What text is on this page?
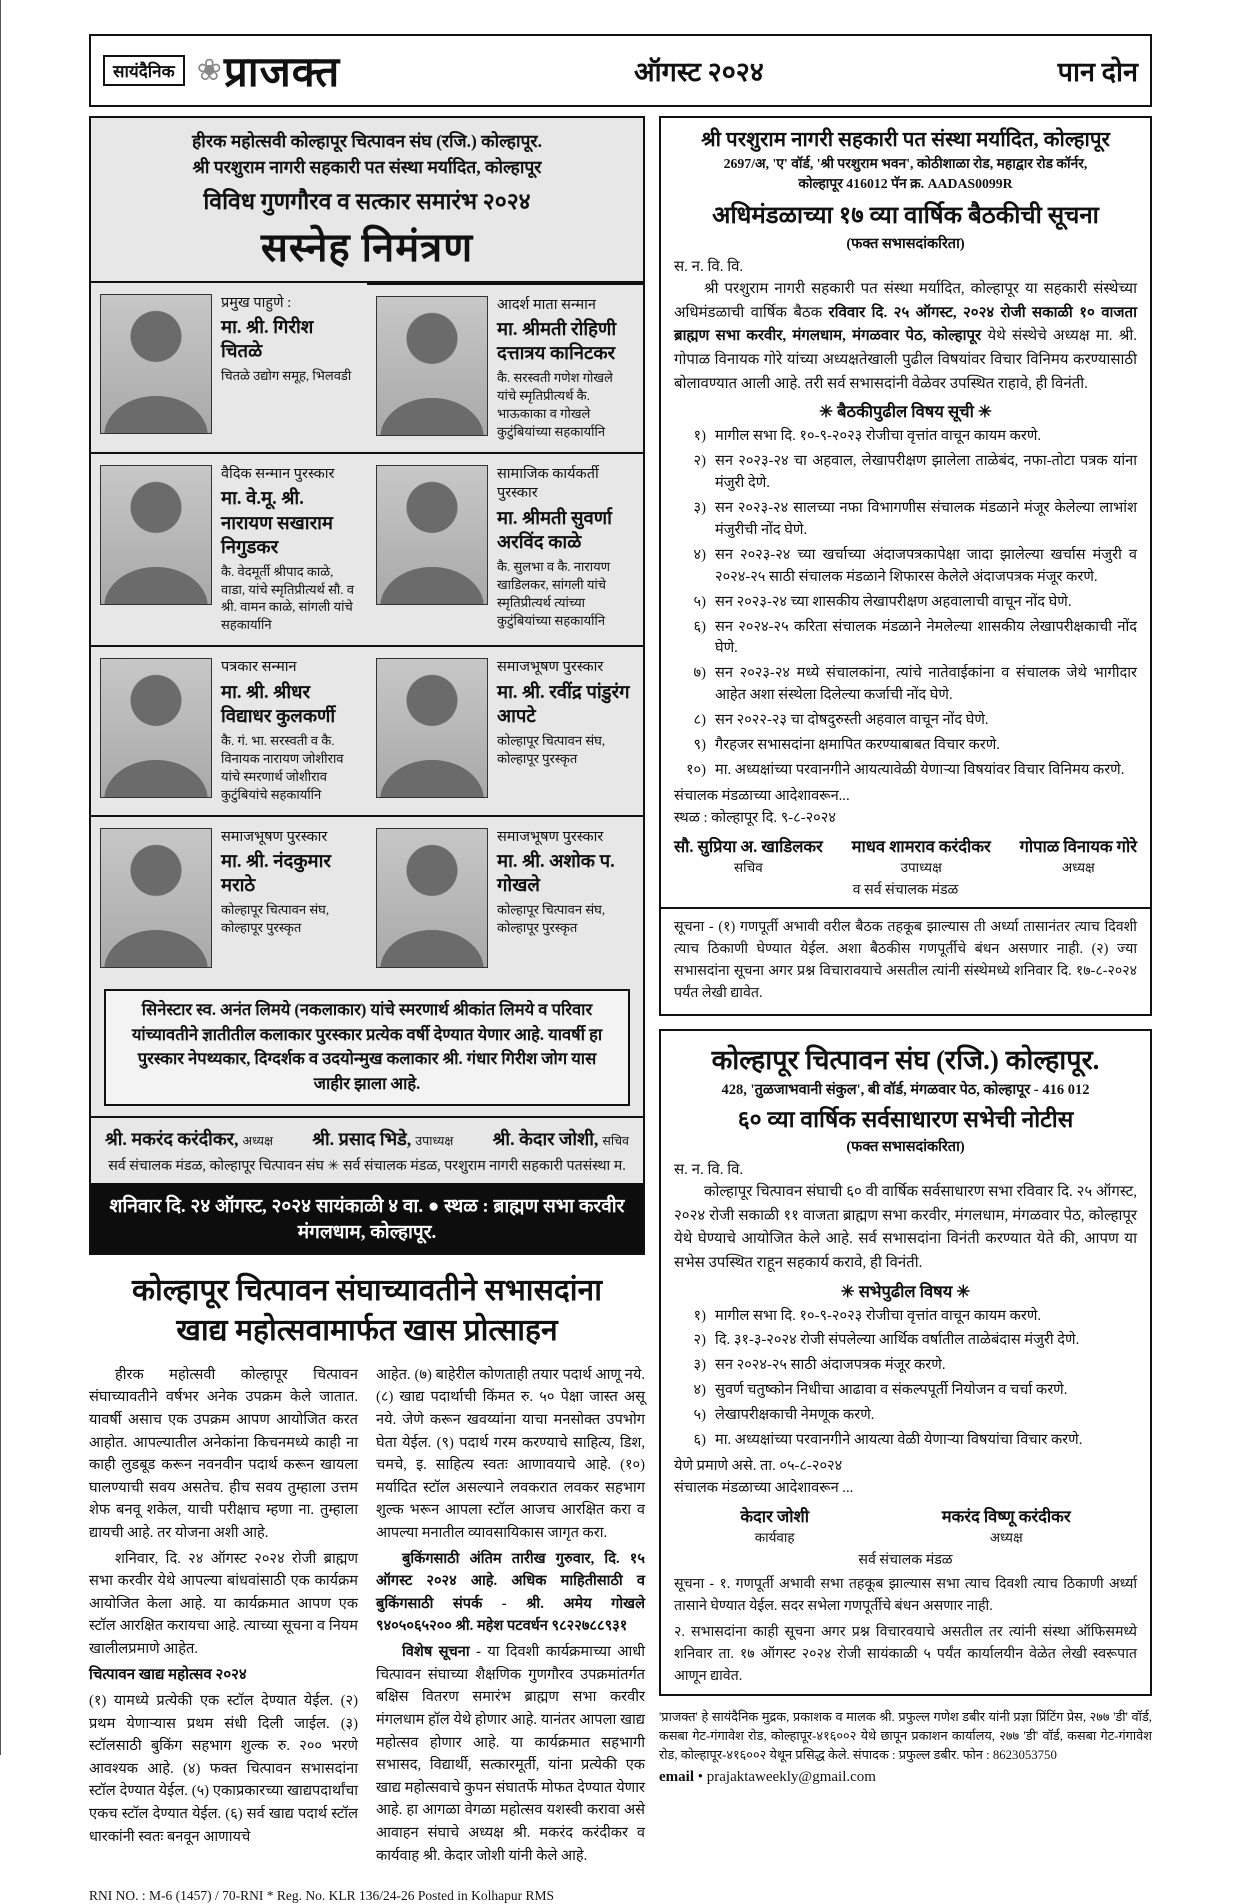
सायंदैनिक ❀ प्राजक्त	ऑगस्ट २०२४	पान दोन
हीरक महोत्सवी कोल्हापूर चित्पावन संघ (रजि.) कोल्हापूर.
श्री परशुराम नागरी सहकारी पत संस्था मर्यादित, कोल्हापूर
विविध गुणगौरव व सत्कार समारंभ २०२४
सस्नेह निमंत्रण
प्रमुख पाहुणे :
मा. श्री. गिरीश चितळे
चितळे उद्योग समूह, भिलवडी
आदर्श माता सन्मान
मा. श्रीमती रोहिणी दत्तात्रय कानिटकर
कै. सरस्वती गणेश गोखले यांचे स्मृतिप्रीत्यर्थ कै. भाऊकाका व गोखले कुटुंबियांच्या सहकार्यानि
वैदिक सन्मान पुरस्कार
मा. वे.मू. श्री. नारायण सखाराम निगुडकर
कै. वेदमूर्ती श्रीपाद काळे, वाडा, यांचे स्मृतिप्रीत्यर्थ सौ. व श्री. वामन काळे, सांगली यांचे सहकार्यानि
सामाजिक कार्यकर्ती पुरस्कार
मा. श्रीमती सुवर्णा अरविंद काळे
कै. सुलभा व कै. नारायण खाडिलकर, सांगली यांचे स्मृतिप्रीत्यर्थ त्यांच्या कुटुंबियांच्या सहकार्यानि
पत्रकार सन्मान
मा. श्री. श्रीधर विद्याधर कुलकर्णी
कै. गं. भा. सरस्वती व कै. विनायक नारायण जोशीराव यांचे स्मरणार्थ जोशीराव कुटुंबियांचे सहकार्यानि
समाजभूषण पुरस्कार
मा. श्री. रवींद्र पांडुरंग आपटे
कोल्हापूर चित्पावन संघ, कोल्हापूर पुरस्कृत
समाजभूषण पुरस्कार
मा. श्री. नंदकुमार मराठे
कोल्हापूर चित्पावन संघ, कोल्हापूर पुरस्कृत
समाजभूषण पुरस्कार
मा. श्री. अशोक प. गोखले
कोल्हापूर चित्पावन संघ, कोल्हापूर पुरस्कृत
सिनेस्टार स्व. अनंत लिमये (नकलाकार) यांचे स्मरणार्थ श्रीकांत लिमये व परिवार यांच्यावतीने ज्ञातीतील कलाकार पुरस्कार प्रत्येक वर्षी देण्यात येणार आहे. यावर्षी हा पुरस्कार नेपथ्यकार, दिग्दर्शक व उदयोन्मुख कलाकार श्री. गंधार गिरीश जोग यास जाहीर झाला आहे.
श्री. मकरंद करंदीकर, अध्यक्ष श्री. प्रसाद भिडे, उपाध्यक्ष श्री. केदार जोशी, सचिव
सर्व संचालक मंडळ, कोल्हापूर चित्पावन संघ ✳ सर्व संचालक मंडळ, परशुराम नागरी सहकारी पतसंस्था म.
शनिवार दि. २४ ऑगस्ट, २०२४ सायंकाळी ४ वा. ● स्थळ : ब्राह्मण सभा करवीर मंगलधाम, कोल्हापूर.
कोल्हापूर चित्पावन संघाच्यावतीने सभासदांना
खाद्य महोत्सवामार्फत खास प्रोत्साहन

हीरक महोत्सवी कोल्हापूर चित्पावन संघाच्यावतीने वर्षभर अनेक उपक्रम केले जातात. यावर्षी असाच एक उपक्रम आपण आयोजित करत आहोत. आपल्यातील अनेकांना किचनमध्ये काही ना काही लुडबूड करून नवनवीन पदार्थ करून खायला घालण्याची सवय असतेच. हीच सवय तुम्हाला उत्तम शेफ बनवू शकेल, याची परीक्षाच म्हणा ना. तुम्हाला द्यायची आहे. तर योजना अशी आहे.

शनिवार, दि. २४ ऑगस्ट २०२४ रोजी ब्राह्मण सभा करवीर येथे आपल्या बांधवांसाठी एक कार्यक्रम आयोजित केला आहे. या कार्यक्रमात आपण एक स्टॉल आरक्षित करायचा आहे. त्याच्या सूचना व नियम खालीलप्रमाणे आहेत.

चित्पावन खाद्य महोत्सव २०२४

(१) यामध्ये प्रत्येकी एक स्टॉल देण्यात येईल. (२) प्रथम येणाऱ्यास प्रथम संधी दिली जाईल. (३) स्टॉलसाठी बुकिंग सहभाग शुल्क रु. २०० भरणे आवश्यक आहे. (४) फक्त चित्पावन सभासदांना स्टॉल देण्यात येईल. (५) एकाप्रकारच्या खाद्यपदार्थांचा एकच स्टॉल देण्यात येईल. (६) सर्व खाद्य पदार्थ स्टॉल धारकांनी स्वतः बनवून आणायचे

आहेत. (७) बाहेरील कोणताही तयार पदार्थ आणू नये. (८) खाद्य पदार्थाची किंमत रु. ५० पेक्षा जास्त असू नये. जेणे करून खवय्यांना याचा मनसोक्त उपभोग घेता येईल. (९) पदार्थ गरम करण्याचे साहित्य, डिश, चमचे, इ. साहित्य स्वतः आणावयाचे आहे. (१०) मर्यादित स्टॉल असल्याने लवकरात लवकर सहभाग शुल्क भरून आपला स्टॉल आजच आरक्षित करा व आपल्या मनातील व्यावसायिकास जागृत करा.

बुकिंगसाठी अंतिम तारीख गुरुवार, दि. १५ ऑगस्ट २०२४ आहे. अधिक माहितीसाठी व बुकिंगसाठी संपर्क - श्री. अमेय गोखले ९४०५०६५२०० श्री. महेश पटवर्धन ९८२२७८८९३१

विशेष सूचना - या दिवशी कार्यक्रमाच्या आधी चित्पावन संघाच्या शैक्षणिक गुणगौरव उपक्रमांतर्गत बक्षिस वितरण समारंभ ब्राह्मण सभा करवीर मंगलधाम हॉल येथे होणार आहे. यानंतर आपला खाद्य महोत्सव होणार आहे. या कार्यक्रमात सहभागी सभासद, विद्यार्थी, सत्कारमूर्ती, यांना प्रत्येकी एक खाद्य महोत्सवाचे कुपन संघातर्फे मोफत देण्यात येणार आहे. हा आगळा वेगळा महोत्सव यशस्वी करावा असे आवाहन संघाचे अध्यक्ष श्री. मकरंद करंदीकर व कार्यवाह श्री. केदार जोशी यांनी केले आहे.

RNI NO. : M-6 (1457) / 70-RNI * Reg. No. KLR 136/24-26 Posted in Kolhapur RMS
श्री परशुराम नागरी सहकारी पत संस्था मर्यादित, कोल्हापूर
2697/अ, 'ए' वॉर्ड, 'श्री परशुराम भवन', कोठीशाळा रोड, महाद्वार रोड कॉर्नर,
कोल्हापूर 416012 पॅन क्र. AADAS0099R
अधिमंडळाच्या १७ व्या वार्षिक बैठकीची सूचना
(फक्त सभासदांकरिता)
स. न. वि. वि.

श्री परशुराम नागरी सहकारी पत संस्था मर्यादित, कोल्हापूर या सहकारी संस्थेच्या अधिमंडळाची वार्षिक बैठक रविवार दि. २५ ऑगस्ट, २०२४ रोजी सकाळी १० वाजता ब्राह्मण सभा करवीर, मंगलधाम, मंगळवार पेठ, कोल्हापूर येथे संस्थेचे अध्यक्ष मा. श्री. गोपाळ विनायक गोरे यांच्या अध्यक्षतेखाली पुढील विषयांवर विचार विनिमय करण्यासाठी बोलावण्यात आली आहे. तरी सर्व सभासदांनी वेळेवर उपस्थित राहावे, ही विनंती.

✳ बैठकीपुढील विषय सूची ✳
१) मागील सभा दि. १०-९-२०२३ रोजीचा वृत्तांत वाचून कायम करणे.
२) सन २०२३-२४ चा अहवाल, लेखापरीक्षण झालेला ताळेबंद, नफा-तोटा पत्रक यांना मंजुरी देणे.
३) सन २०२३-२४ सालच्या नफा विभागणीस संचालक मंडळाने मंजूर केलेल्या लाभांश मंजुरीची नोंद घेणे.
४) सन २०२३-२४ च्या खर्चाच्या अंदाजपत्रकापेक्षा जादा झालेल्या खर्चास मंजुरी व २०२४-२५ साठी संचालक मंडळाने शिफारस केलेले अंदाजपत्रक मंजूर करणे.
५) सन २०२३-२४ च्या शासकीय लेखापरीक्षण अहवालाची वाचून नोंद घेणे.
६) सन २०२४-२५ करिता संचालक मंडळाने नेमलेल्या शासकीय लेखापरीक्षकाची नोंद घेणे.
७) सन २०२३-२४ मध्ये संचालकांना, त्यांचे नातेवाईकांना व संचालक जेथे भागीदार आहेत अशा संस्थेला दिलेल्या कर्जाची नोंद घेणे.
८) सन २०२२-२३ चा दोषदुरुस्ती अहवाल वाचून नोंद घेणे.
९) गैरहजर सभासदांना क्षमापित करण्याबाबत विचार करणे.
१०) मा. अध्यक्षांच्या परवानगीने आयत्यावेळी येणाऱ्या विषयांवर विचार विनिमय करणे.
संचालक मंडळाच्या आदेशावरून...
स्थळ : कोल्हापूर दि. ९-८-२०२४
सौ. सुप्रिया अ. खाडिलकर
सचिव
माधव शामराव करंदीकर
उपाध्यक्ष
गोपाळ विनायक गोरे
अध्यक्ष
व सर्व संचालक मंडळ
सूचना - (१) गणपूर्ती अभावी वरील बैठक तहकूब झाल्यास ती अर्ध्या तासानंतर त्याच दिवशी त्याच ठिकाणी घेण्यात येईल. अशा बैठकीस गणपूर्तीचे बंधन असणार नाही. (२) ज्या सभासदांना सूचना अगर प्रश्न विचारावयाचे असतील त्यांनी संस्थेमध्ये शनिवार दि. १७-८-२०२४ पर्यंत लेखी द्यावेत.
कोल्हापूर चित्पावन संघ (रजि.) कोल्हापूर.
428, 'तुळजाभवानी संकुल', बी वॉर्ड, मंगळवार पेठ, कोल्हापूर - 416 012
६० व्या वार्षिक सर्वसाधारण सभेची नोटीस
(फक्त सभासदांकरिता)
स. न. वि. वि.

कोल्हापूर चित्पावन संघाची ६० वी वार्षिक सर्वसाधारण सभा रविवार दि. २५ ऑगस्ट, २०२४ रोजी सकाळी ११ वाजता ब्राह्मण सभा करवीर, मंगलधाम, मंगळवार पेठ, कोल्हापूर येथे घेण्याचे आयोजित केले आहे. सर्व सभासदांना विनंती करण्यात येते की, आपण या सभेस उपस्थित राहून सहकार्य करावे, ही विनंती.

✳ सभेपुढील विषय ✳
१) मागील सभा दि. १०-९-२०२३ रोजीचा वृत्तांत वाचून कायम करणे.
२) दि. ३१-३-२०२४ रोजी संपलेल्या आर्थिक वर्षातील ताळेबंदास मंजुरी देणे.
३) सन २०२४-२५ साठी अंदाजपत्रक मंजूर करणे.
४) सुवर्ण चतुष्कोन निधीचा आढावा व संकल्पपूर्ती नियोजन व चर्चा करणे.
५) लेखापरीक्षकाची नेमणूक करणे.
६) मा. अध्यक्षांच्या परवानगीने आयत्या वेळी येणाऱ्या विषयांचा विचार करणे.
येणे प्रमाणे असे. ता. ०५-८-२०२४
संचालक मंडळाच्या आदेशावरून ...
केदार जोशी
कार्यवाह
मकरंद विष्णू करंदीकर
अध्यक्ष
सर्व संचालक मंडळ
सूचना - १. गणपूर्ती अभावी सभा तहकूब झाल्यास सभा त्याच दिवशी त्याच ठिकाणी अर्ध्या तासाने घेण्यात येईल. सदर सभेला गणपूर्तीचे बंधन असणार नाही.
२. सभासदांना काही सूचना अगर प्रश्न विचारवयाचे असतील तर त्यांनी संस्था ऑफिसमध्ये शनिवार ता. १७ ऑगस्ट २०२४ रोजी सायंकाळी ५ पर्यंत कार्यालयीन वेळेत लेखी स्वरूपात आणून द्यावेत.
'प्राजक्त' हे सायंदैनिक मुद्रक, प्रकाशक व मालक श्री. प्रफुल्ल गणेश डबीर यांनी प्रज्ञा प्रिंटिंग प्रेस, २७७ 'डी' वॉर्ड, कसबा गेट-गंगावेश रोड, कोल्हापूर-४१६००२ येथे छापून प्रकाशन कार्यालय, २७७ 'डी' वॉर्ड, कसबा गेट-गंगावेश रोड, कोल्हापूर-४१६००२ येथून प्रसिद्ध केले. संपादक : प्रफुल्ल डबीर. फोन : 8623053750
email • prajaktaweekly@gmail.com
